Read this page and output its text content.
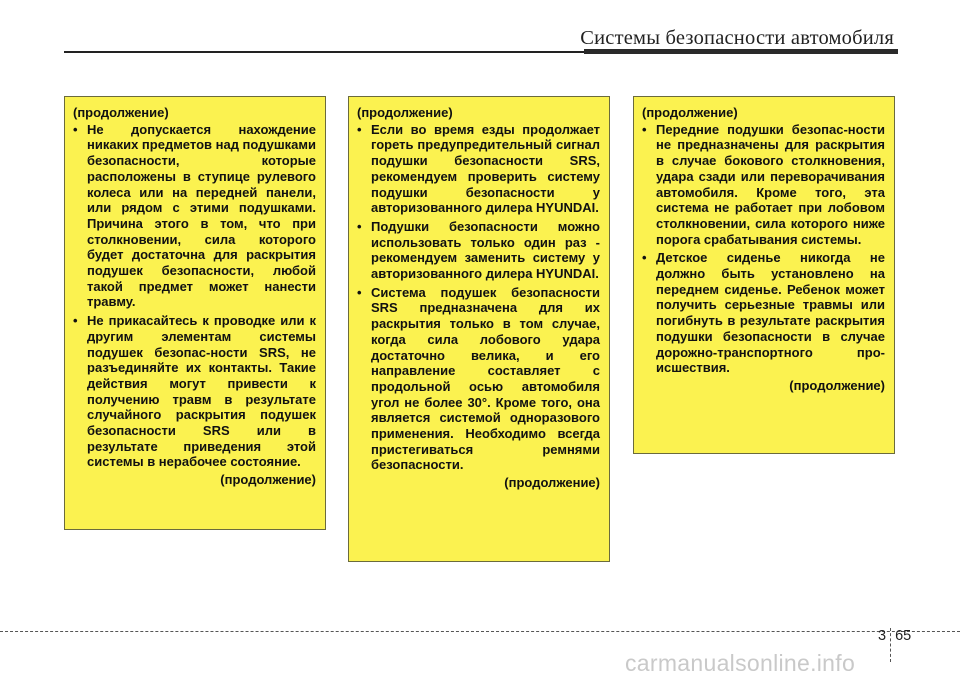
Системы безопасности автомобиля
(продолжение)
• Не допускается нахождение никаких предметов над подушками безопасности, которые расположены в ступице рулевого колеса или на передней панели, или рядом с этими подушками. Причина этого в том, что при столкновении, сила которого будет достаточна для раскрытия подушек безопасности, любой такой предмет может нанести травму.
• Не прикасайтесь к проводке или к другим элементам системы подушек безопас-ности SRS, не разъединяйте их контакты. Такие действия могут привести к получению травм в результате случайного раскрытия подушек безопасности SRS или в результате приведения этой системы в нерабочее состояние.
(продолжение)
(продолжение)
• Если во время езды продолжает гореть предупредительный сигнал подушки безопасности SRS, рекомендуем проверить систему подушки безопасности у авторизованного дилера HYUNDAI.
• Подушки безопасности можно использовать только один раз - рекомендуем заменить систему у авторизованного дилера HYUNDAI.
• Система подушек безопасности SRS предназначена для их раскрытия только в том случае, когда сила лобового удара достаточно велика, и его направление составляет с продольной осью автомобиля угол не более 30°. Кроме того, она является системой одноразового применения. Необходимо всегда пристегиваться ремнями безопасности.
(продолжение)
(продолжение)
• Передние подушки безопас-ности не предназначены для раскрытия в случае бокового столкновения, удара сзади или переворачивания автомобиля. Кроме того, эта система не работает при лобовом столкновении, сила которого ниже порога срабатывания системы.
• Детское сиденье никогда не должно быть установлено на переднем сиденье. Ребенок может получить серьезные травмы или погибнуть в результате раскрытия подушки безопасности в случае дорожно-транспортного про-исшествия.
(продолжение)
3 65
carmanualsonline.info
